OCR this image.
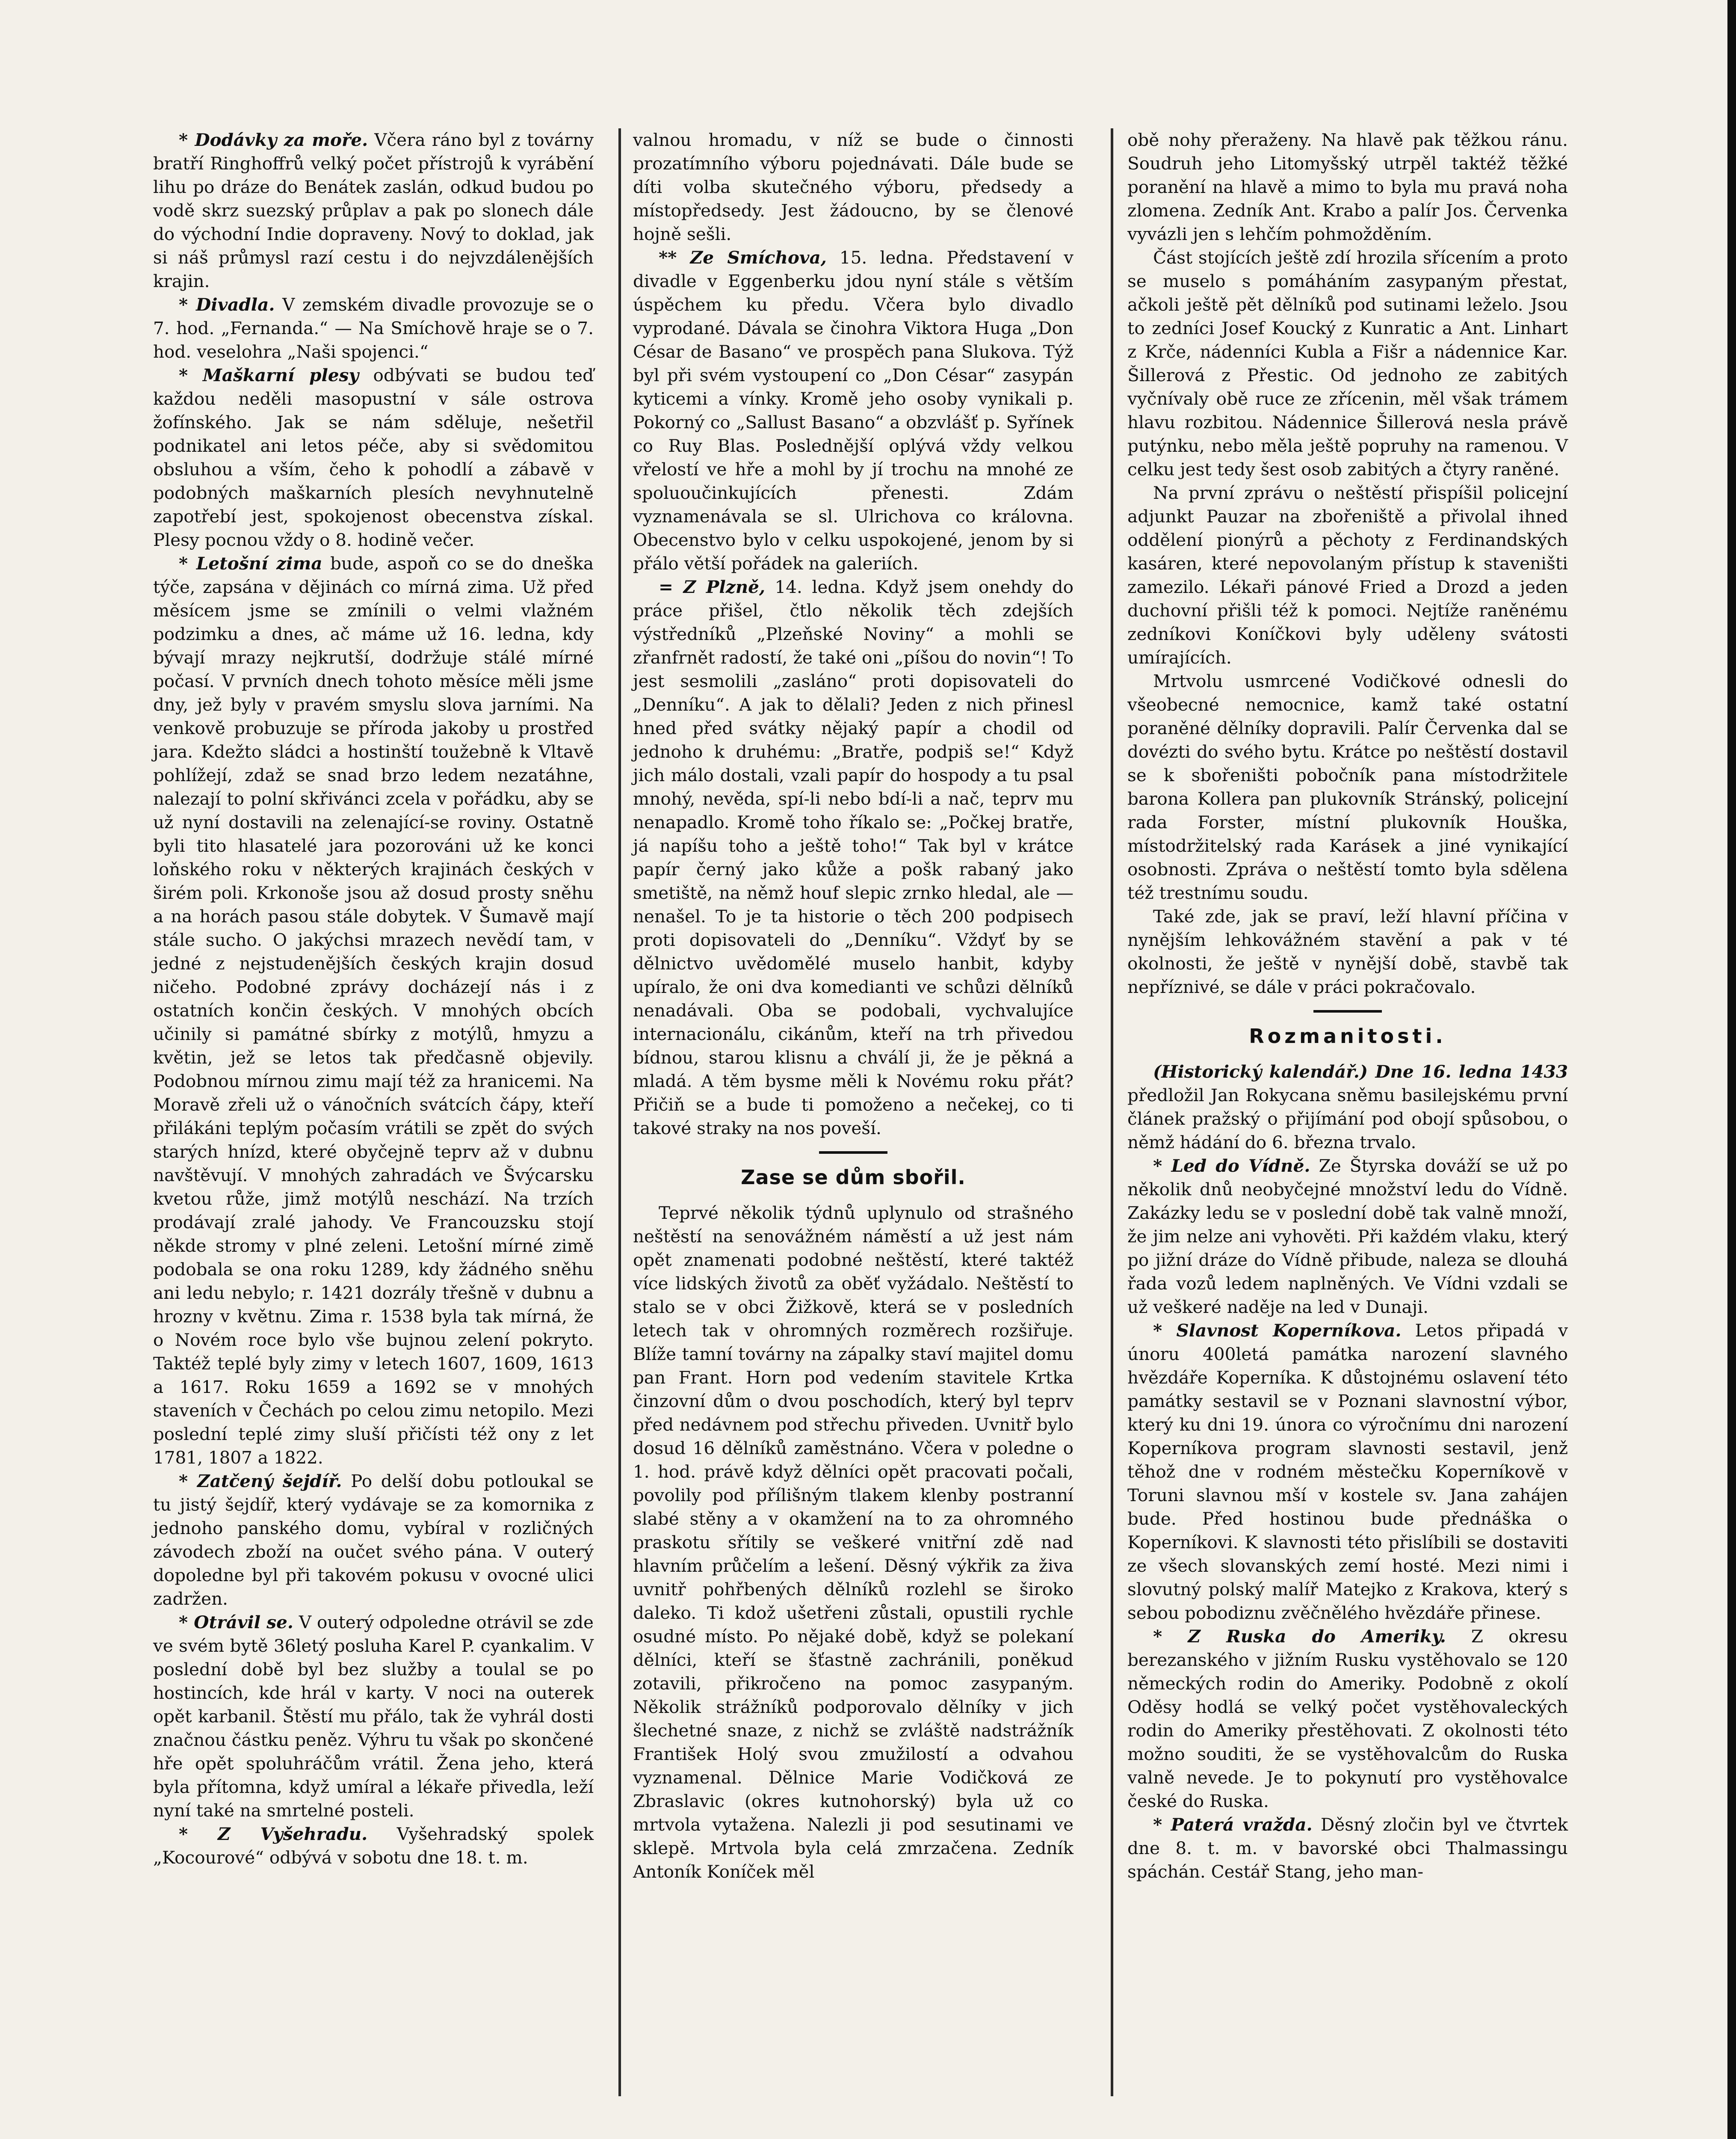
* Dodávky za moře. Včera ráno byl z továrny bratří Ringhoffrů velký počet přístrojů k vyrábění lihu po dráze do Benátek zaslán, odkud budou po vodě skrz suezský průplav a pak po slonech dále do východní Indie dopraveny. Nový to doklad, jak si náš průmysl razí cestu i do nejvzdálenějších krajin.

* Divadla. V zemském divadle provozuje se o 7. hod. „Fernanda.“ — Na Smíchově hraje se o 7. hod. veselohra „Naši spojenci.“

* Maškarní plesy odbývati se budou teď každou neděli masopustní v sále ostrova žofínského. Jak se nám sděluje, nešetřil podnikatel ani letos péče, aby si svědomitou obsluhou a vším, čeho k pohodlí a zábavě v podobných maškarních plesích nevyhnutelně zapotřebí jest, spokojenost obecenstva získal. Plesy pocnou vždy o 8. hodině večer.

* Letošní zima bude, aspoň co se do dneška týče, zapsána v dějinách co mírná zima. Už před měsícem jsme se zmínili o velmi vlažném podzimku a dnes, ač máme už 16. ledna, kdy bývají mrazy nejkrutší, dodržuje stálé mírné počasí. V prvních dnech tohoto měsíce měli jsme dny, jež byly v pravém smyslu slova jarními. Na venkově probuzuje se příroda jakoby u prostřed jara. Kdežto sládci a hostinští toužebně k Vltavě pohlížejí, zdaž se snad brzo ledem nezatáhne, nalezají to polní skřivánci zcela v pořádku, aby se už nyní dostavili na zelenající-se roviny. Ostatně byli tito hlasatelé jara pozorováni už ke konci loňského roku v některých krajinách českých v širém poli. Krkonoše jsou až dosud prosty sněhu a na horách pasou stále dobytek. V Šumavě mají stále sucho. O jakýchsi mrazech nevědí tam, v jedné z nejstudenějších českých krajin dosud ničeho. Podobné zprávy docházejí nás i z ostatních končin českých. V mnohých obcích učinily si památné sbírky z motýlů, hmyzu a květin, jež se letos tak předčasně objevily. Podobnou mírnou zimu mají též za hranicemi. Na Moravě zřeli už o vánočních svátcích čápy, kteří přilákáni teplým počasím vrátili se zpět do svých starých hnízd, které obyčejně teprv až v dubnu navštěvují. V mnohých zahradách ve Švýcarsku kvetou růže, jimž motýlů neschází. Na trzích prodávají zralé jahody. Ve Francouzsku stojí někde stromy v plné zeleni. Letošní mírné zimě podobala se ona roku 1289, kdy žádného sněhu ani ledu nebylo; r. 1421 dozrály třešně v dubnu a hrozny v květnu. Zima r. 1538 byla tak mírná, že o Novém roce bylo vše bujnou zelení pokryto. Taktéž teplé byly zimy v letech 1607, 1609, 1613 a 1617. Roku 1659 a 1692 se v mnohých staveních v Čechách po celou zimu netopilo. Mezi poslední teplé zimy sluší přičísti též ony z let 1781, 1807 a 1822.

* Zatčený šejdíř. Po delší dobu potloukal se tu jistý šejdíř, který vydávaje se za komornika z jednoho panského domu, vybíral v rozličných závodech zboží na oučet svého pána. V outerý dopoledne byl při takovém pokusu v ovocné ulici zadržen.

* Otrávil se. V outerý odpoledne otrávil se zde ve svém bytě 36letý posluha Karel P. cyankalim. V poslední době byl bez služby a toulal se po hostincích, kde hrál v karty. V noci na outerek opět karbanil. Štěstí mu přálo, tak že vyhrál dosti značnou částku peněz. Výhru tu však po skončené hře opět spoluhráčům vrátil. Žena jeho, která byla přítomna, když umíral a lékaře přivedla, leží nyní také na smrtelné posteli.

* Z Vyšehradu. Vyšehradský spolek „Kocourové“ odbývá v sobotu dne 18. t. m.

valnou hromadu, v níž se bude o činnosti prozatímního výboru pojednávati. Dále bude se díti volba skutečného výboru, předsedy a místopředsedy. Jest žádoucno, by se členové hojně sešli.

** Ze Smíchova, 15. ledna. Představení v divadle v Eggenberku jdou nyní stále s větším úspěchem ku předu. Včera bylo divadlo vyprodané. Dávala se činohra Viktora Huga „Don César de Basano“ ve prospěch pana Slukova. Týž byl při svém vystoupení co „Don César“ zasypán kyticemi a vínky. Kromě jeho osoby vynikali p. Pokorný co „Sallust Basano“ a obzvlášť p. Syřínek co Ruy Blas. Poslednější oplývá vždy velkou vřelostí ve hře a mohl by jí trochu na mnohé ze spoluoučinkujících přenesti. Zdám vyznamenávala se sl. Ulrichova co královna. Obecenstvo bylo v celku uspokojené, jenom by si přálo větší pořádek na galeriích.

= Z Plzně, 14. ledna. Když jsem onehdy do práce přišel, čtlo několik těch zdejších výstředníků „Plzeňské Noviny“ a mohli se zřanfrnět radostí, že také oni „píšou do novin“! To jest sesmolili „zasláno“ proti dopisovateli do „Denníku“. A jak to dělali? Jeden z nich přinesl hned před svátky nějaký papír a chodil od jednoho k druhému: „Bratře, podpiš se!“ Když jich málo dostali, vzali papír do hospody a tu psal mnohý, nevěda, spí-li nebo bdí-li a nač, teprv mu nenapadlo. Kromě toho říkalo se: „Počkej bratře, já napíšu toho a ještě toho!“ Tak byl v krátce papír černý jako kůže a pošk rabaný jako smetiště, na němž houf slepic zrnko hledal, ale — nenašel. To je ta historie o těch 200 podpisech proti dopisovateli do „Denníku“. Vždyť by se dělnictvo uvědomělé muselo hanbit, kdyby upíralo, že oni dva komedianti ve schůzi dělníků nenadávali. Oba se podobali, vychvalujíce internacionálu, cikánům, kteří na trh přivedou bídnou, starou klisnu a chválí ji, že je pěkná a mladá. A těm bysme měli k Novému roku přát? Přičiň se a bude ti pomoženo a nečekej, co ti takové straky na nos poveší.

Zase se dům sbořil.

Teprvé několik týdnů uplynulo od strašného neštěstí na senovážném náměstí a už jest nám opět znamenati podobné neštěstí, které taktéž více lidských životů za oběť vyžádalo. Neštěstí to stalo se v obci Žižkově, která se v posledních letech tak v ohromných rozměrech rozšiřuje. Blíže tamní továrny na zápalky staví majitel domu pan Frant. Horn pod vedením stavitele Krtka činzovní dům o dvou poschodích, který byl teprv před nedávnem pod střechu přiveden. Uvnitř bylo dosud 16 dělníků zaměstnáno. Včera v poledne o 1. hod. právě když dělníci opět pracovati počali, povolily pod přílišným tlakem klenby postranní slabé stěny a v okamžení na to za ohromného praskotu sřítily se veškeré vnitřní zdě nad hlavním průčelím a lešení. Děsný výkřik za živa uvnitř pohřbených dělníků rozlehl se široko daleko. Ti kdož ušetřeni zůstali, opustili rychle osudné místo. Po nějaké době, když se polekaní dělníci, kteří se šťastně zachránili, poněkud zotavili, přikročeno na pomoc zasypaným. Několik strážníků podporovalo dělníky v jich šlechetné snaze, z nichž se zvláště nadstrážník František Holý svou zmužilostí a odvahou vyznamenal. Dělnice Marie Vodičková ze Zbraslavic (okres kutnohorský) byla už co mrtvola vytažena. Nalezli ji pod sesutinami ve sklepě. Mrtvola byla celá zmrzačena. Zedník Antoník Koníček měl

obě nohy přeraženy. Na hlavě pak těžkou ránu. Soudruh jeho Litomyšský utrpěl taktéž těžké poranění na hlavě a mimo to byla mu pravá noha zlomena. Zedník Ant. Krabo a palír Jos. Červenka vyvázli jen s lehčím pohmožděním.

Část stojících ještě zdí hrozila sřícením a proto se muselo s pomáháním zasypaným přestat, ačkoli ještě pět dělníků pod sutinami leželo. Jsou to zedníci Josef Koucký z Kunratic a Ant. Linhart z Krče, nádenníci Kubla a Fišr a nádennice Kar. Šillerová z Přestic. Od jednoho ze zabitých vyčnívaly obě ruce ze zřícenin, měl však trámem hlavu rozbitou. Nádennice Šillerová nesla právě putýnku, nebo měla ještě popruhy na ramenou. V celku jest tedy šest osob zabitých a čtyry raněné.

Na první zprávu o neštěstí přispíšil policejní adjunkt Pauzar na zbořeniště a přivolal ihned oddělení pionýrů a pěchoty z Ferdinandských kasáren, které nepovolaným přístup k staveništi zamezilo. Lékaři pánové Fried a Drozd a jeden duchovní přišli též k pomoci. Nejtíže raněnému zedníkovi Koníčkovi byly uděleny svátosti umírajících.

Mrtvolu usmrcené Vodičkové odnesli do všeobecné nemocnice, kamž také ostatní poraněné dělníky dopravili. Palír Červenka dal se dovézti do svého bytu. Krátce po neštěstí dostavil se k sbořeništi pobočník pana místodržitele barona Kollera pan plukovník Stránský, policejní rada Forster, místní plukovník Houška, místodržitelský rada Karásek a jiné vynikající osobnosti. Zpráva o neštěstí tomto byla sdělena též trestnímu soudu.

Také zde, jak se praví, leží hlavní příčina v nynějším lehkovážném stavění a pak v té okolnosti, že ještě v nynější době, stavbě tak nepříznivé, se dále v práci pokračovalo.

Rozmanitosti.

(Historický kalendář.) Dne 16. ledna 1433 předložil Jan Rokycana sněmu basilejskému první článek pražský o přijímání pod obojí spůsobou, o němž hádání do 6. března trvalo.

* Led do Vídně. Ze Štyrska dováží se už po několik dnů neobyčejné množství ledu do Vídně. Zakázky ledu se v poslední době tak valně množí, že jim nelze ani vyhověti. Při každém vlaku, který po jižní dráze do Vídně přibude, naleza se dlouhá řada vozů ledem naplněných. Ve Vídni vzdali se už veškeré naděje na led v Dunaji.

* Slavnost Koperníkova. Letos připadá v únoru 400letá památka narození slavného hvězdáře Koperníka. K důstojnému oslavení této památky sestavil se v Poznani slavnostní výbor, který ku dni 19. února co výročnímu dni narození Koperníkova program slavnosti sestavil, jenž těhož dne v rodném městečku Koperníkově v Toruni slavnou mší v kostele sv. Jana zahájen bude. Před hostinou bude přednáška o Koperníkovi. K slavnosti této přislíbili se dostaviti ze všech slovanských zemí hosté. Mezi nimi i slovutný polský malíř Matejko z Krakova, který s sebou pobodiznu zvěčnělého hvězdáře přinese.

* Z Ruska do Ameriky. Z okresu berezanského v jižním Rusku vystěhovalo se 120 německých rodin do Ameriky. Podobně z okolí Oděsy hodlá se velký počet vystěhovaleckých rodin do Ameriky přestěhovati. Z okolnosti této možno souditi, že se vystěhovalcům do Ruska valně nevede. Je to pokynutí pro vystěhovalce české do Ruska.

* Paterá vražda. Děsný zločin byl ve čtvrtek dne 8. t. m. v bavorské obci Thalmassingu spáchán. Cestář Stang, jeho man-
